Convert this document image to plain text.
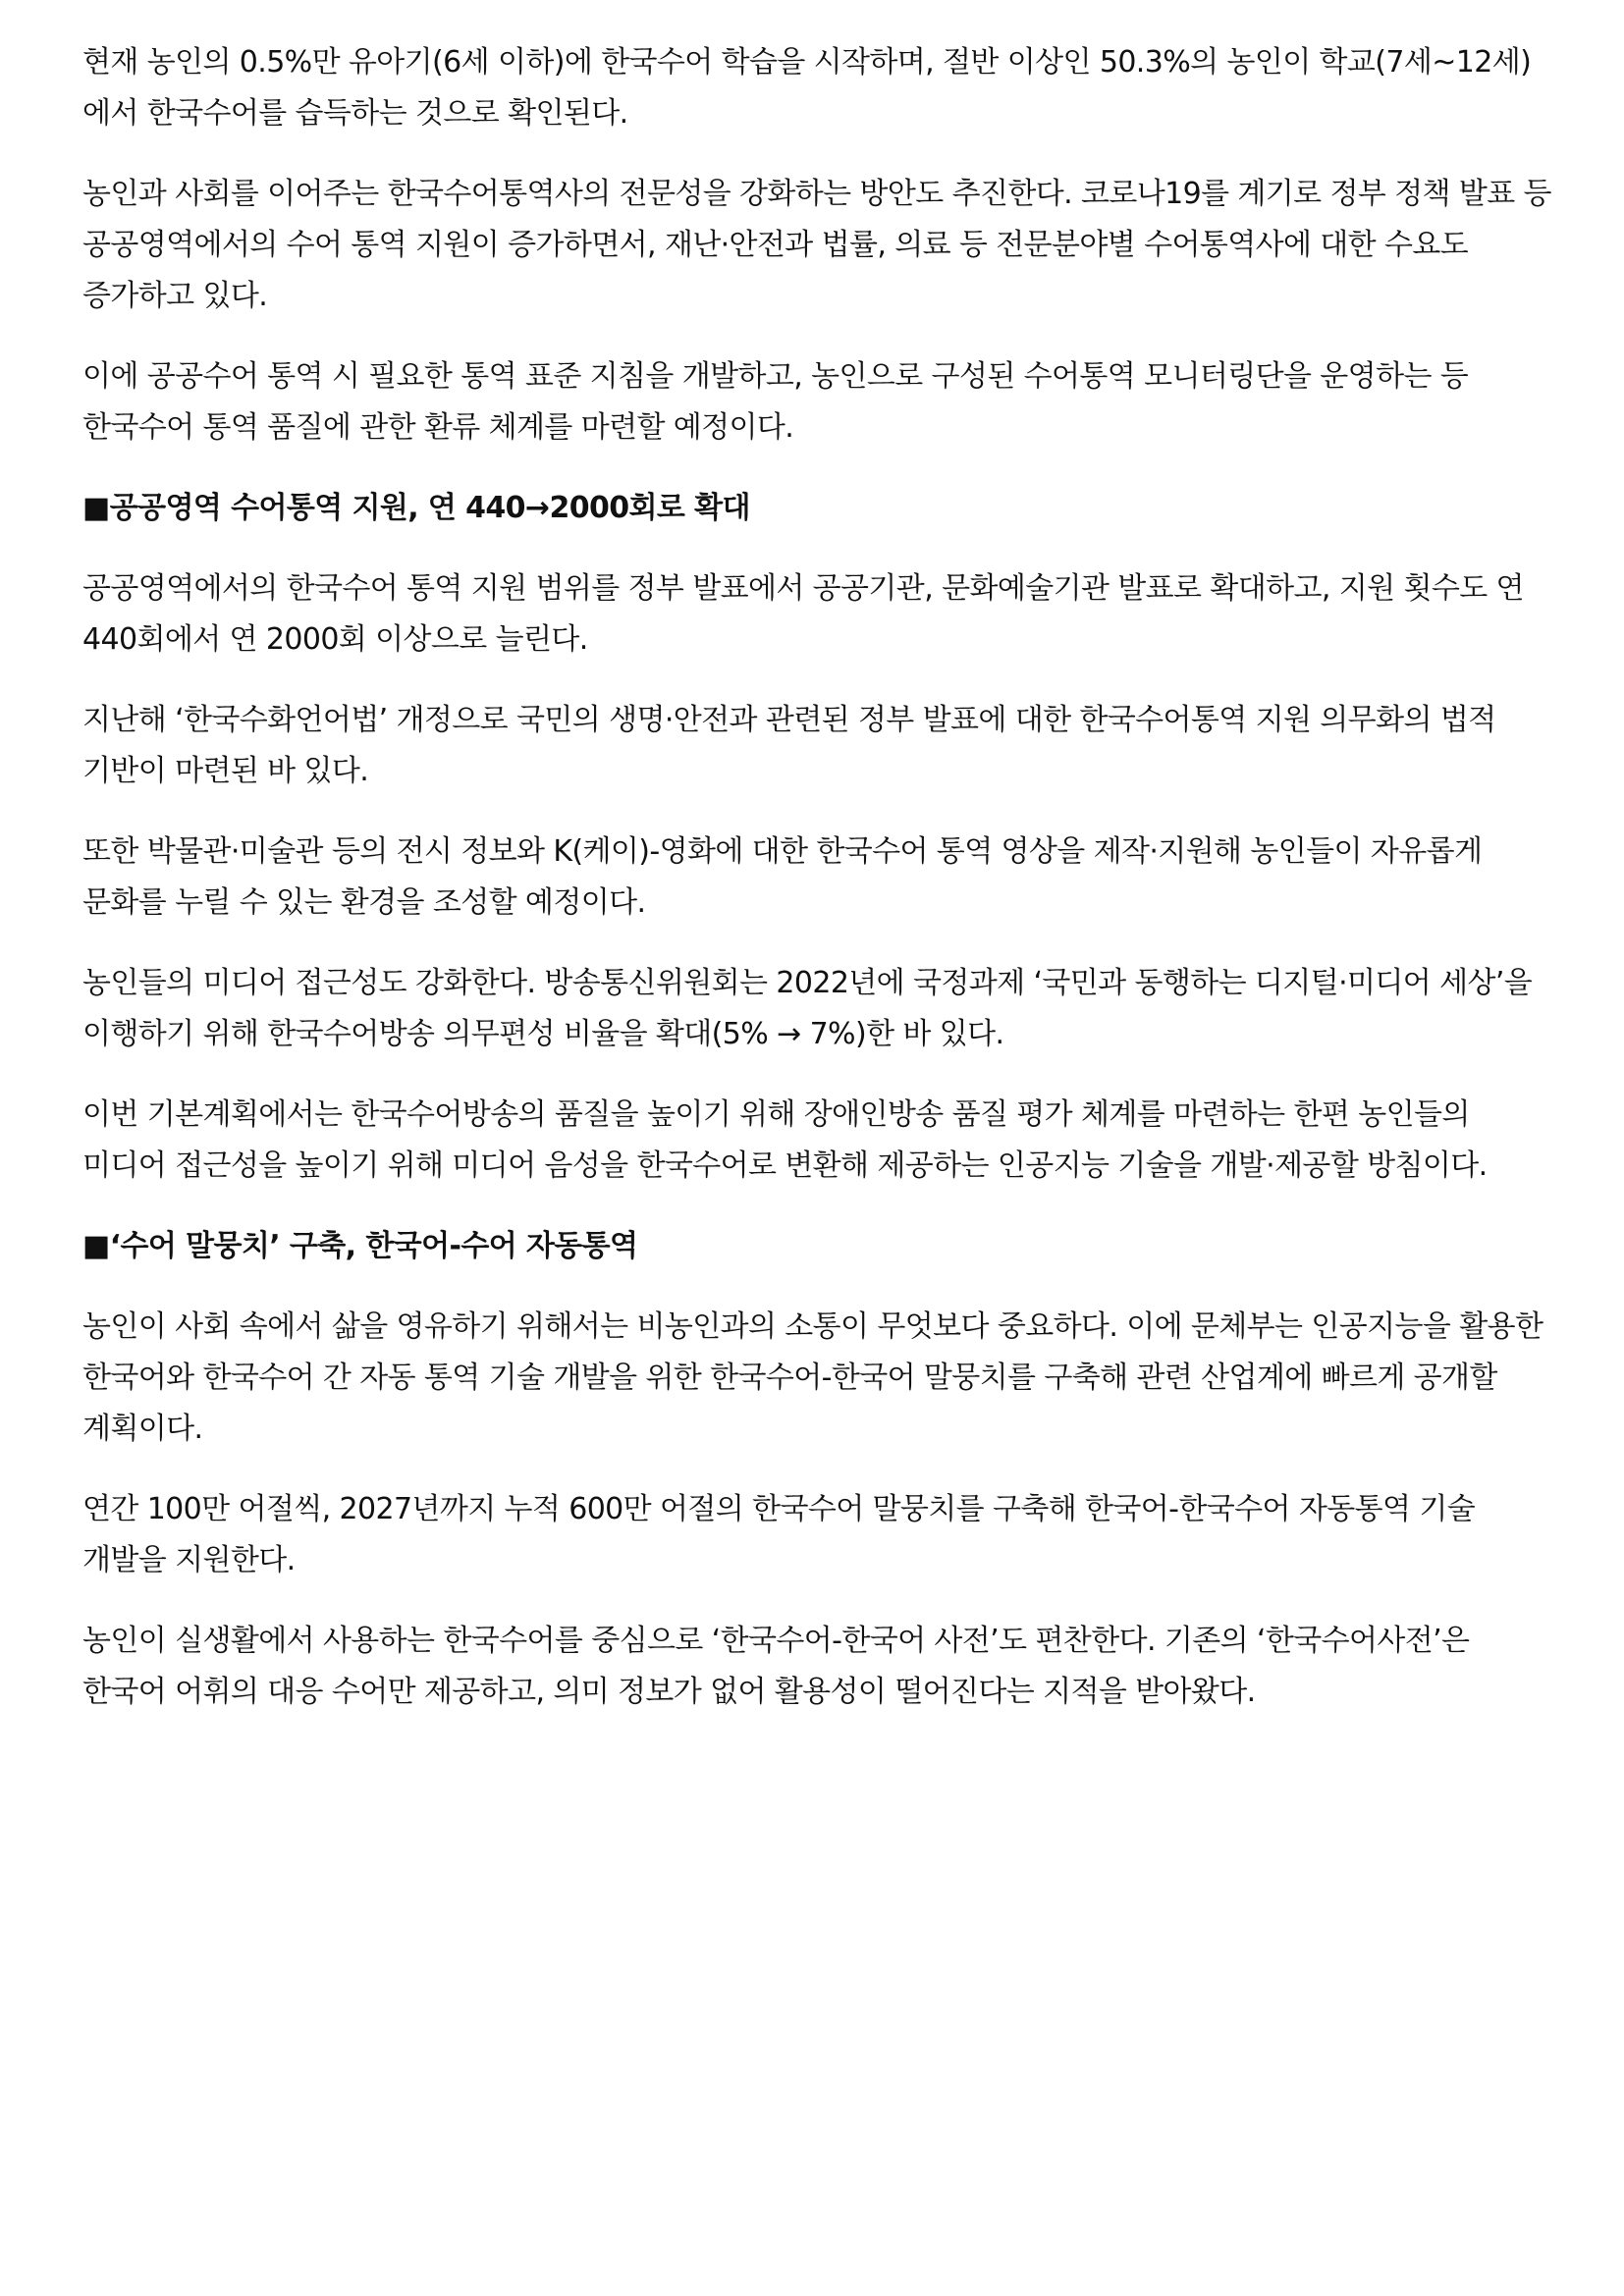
현재 농인의 0.5%만 유아기(6세 이하)에 한국수어 학습을 시작하며, 절반 이상인 50.3%의 농인이 학교(7세~12세)에서 한국수어를 습득하는 것으로 확인된다.

농인과 사회를 이어주는 한국수어통역사의 전문성을 강화하는 방안도 추진한다. 코로나19를 계기로 정부 정책 발표 등 공공영역에서의 수어 통역 지원이 증가하면서, 재난·안전과 법률, 의료 등 전문분야별 수어통역사에 대한 수요도 증가하고 있다.

이에 공공수어 통역 시 필요한 통역 표준 지침을 개발하고, 농인으로 구성된 수어통역 모니터링단을 운영하는 등 한국수어 통역 품질에 관한 환류 체계를 마련할 예정이다.

■공공영역 수어통역 지원, 연 440→2000회로 확대

공공영역에서의 한국수어 통역 지원 범위를 정부 발표에서 공공기관, 문화예술기관 발표로 확대하고, 지원 횟수도 연 440회에서 연 2000회 이상으로 늘린다.

지난해 ‘한국수화언어법’ 개정으로 국민의 생명·안전과 관련된 정부 발표에 대한 한국수어통역 지원 의무화의 법적 기반이 마련된 바 있다.

또한 박물관·미술관 등의 전시 정보와 K(케이)-영화에 대한 한국수어 통역 영상을 제작·지원해 농인들이 자유롭게 문화를 누릴 수 있는 환경을 조성할 예정이다.

농인들의 미디어 접근성도 강화한다. 방송통신위원회는 2022년에 국정과제 ‘국민과 동행하는 디지털·미디어 세상’을 이행하기 위해 한국수어방송 의무편성 비율을 확대(5% → 7%)한 바 있다.

이번 기본계획에서는 한국수어방송의 품질을 높이기 위해 장애인방송 품질 평가 체계를 마련하는 한편 농인들의 미디어 접근성을 높이기 위해 미디어 음성을 한국수어로 변환해 제공하는 인공지능 기술을 개발·제공할 방침이다.

■‘수어 말뭉치’ 구축, 한국어-수어 자동통역

농인이 사회 속에서 삶을 영유하기 위해서는 비농인과의 소통이 무엇보다 중요하다. 이에 문체부는 인공지능을 활용한 한국어와 한국수어 간 자동 통역 기술 개발을 위한 한국수어-한국어 말뭉치를 구축해 관련 산업계에 빠르게 공개할 계획이다.

연간 100만 어절씩, 2027년까지 누적 600만 어절의 한국수어 말뭉치를 구축해 한국어-한국수어 자동통역 기술 개발을 지원한다.

농인이 실생활에서 사용하는 한국수어를 중심으로 ‘한국수어-한국어 사전’도 편찬한다. 기존의 ‘한국수어사전’은 한국어 어휘의 대응 수어만 제공하고, 의미 정보가 없어 활용성이 떨어진다는 지적을 받아왔다.
